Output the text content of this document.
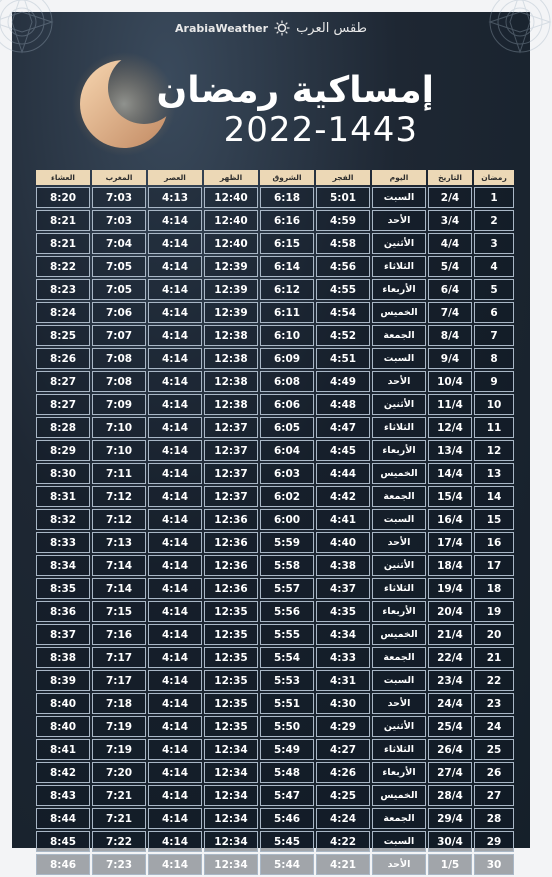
ArabiaWeather طقس العرب
إمساكية رمضان
2022-1443
رمضان	التاريخ	اليوم	الفجر	الشروق	الظهر	العصر	المغرب	العشاء
1	2/4	السبت	5:01	6:18	12:40	4:13	7:03	8:20
2	3/4	الأحد	4:59	6:16	12:40	4:14	7:03	8:21
3	4/4	الأثنين	4:58	6:15	12:40	4:14	7:04	8:21
4	5/4	الثلاثاء	4:56	6:14	12:39	4:14	7:05	8:22
5	6/4	الأربعاء	4:55	6:12	12:39	4:14	7:05	8:23
6	7/4	الخميس	4:54	6:11	12:39	4:14	7:06	8:24
7	8/4	الجمعة	4:52	6:10	12:38	4:14	7:07	8:25
8	9/4	السبت	4:51	6:09	12:38	4:14	7:08	8:26
9	10/4	الأحد	4:49	6:08	12:38	4:14	7:08	8:27
10	11/4	الأثنين	4:48	6:06	12:38	4:14	7:09	8:27
11	12/4	الثلاثاء	4:47	6:05	12:37	4:14	7:10	8:28
12	13/4	الأربعاء	4:45	6:04	12:37	4:14	7:10	8:29
13	14/4	الخميس	4:44	6:03	12:37	4:14	7:11	8:30
14	15/4	الجمعة	4:42	6:02	12:37	4:14	7:12	8:31
15	16/4	السبت	4:41	6:00	12:36	4:14	7:12	8:32
16	17/4	الأحد	4:40	5:59	12:36	4:14	7:13	8:33
17	18/4	الأثنين	4:38	5:58	12:36	4:14	7:14	8:34
18	19/4	الثلاثاء	4:37	5:57	12:36	4:14	7:14	8:35
19	20/4	الأربعاء	4:35	5:56	12:35	4:14	7:15	8:36
20	21/4	الخميس	4:34	5:55	12:35	4:14	7:16	8:37
21	22/4	الجمعة	4:33	5:54	12:35	4:14	7:17	8:38
22	23/4	السبت	4:31	5:53	12:35	4:14	7:17	8:39
23	24/4	الأحد	4:30	5:51	12:35	4:14	7:18	8:40
24	25/4	الأثنين	4:29	5:50	12:35	4:14	7:19	8:40
25	26/4	الثلاثاء	4:27	5:49	12:34	4:14	7:19	8:41
26	27/4	الأربعاء	4:26	5:48	12:34	4:14	7:20	8:42
27	28/4	الخميس	4:25	5:47	12:34	4:14	7:21	8:43
28	29/4	الجمعة	4:24	5:46	12:34	4:14	7:21	8:44
29	30/4	السبت	4:22	5:45	12:34	4:14	7:22	8:45
30	1/5	الأحد	4:21	5:44	12:34	4:14	7:23	8:46
